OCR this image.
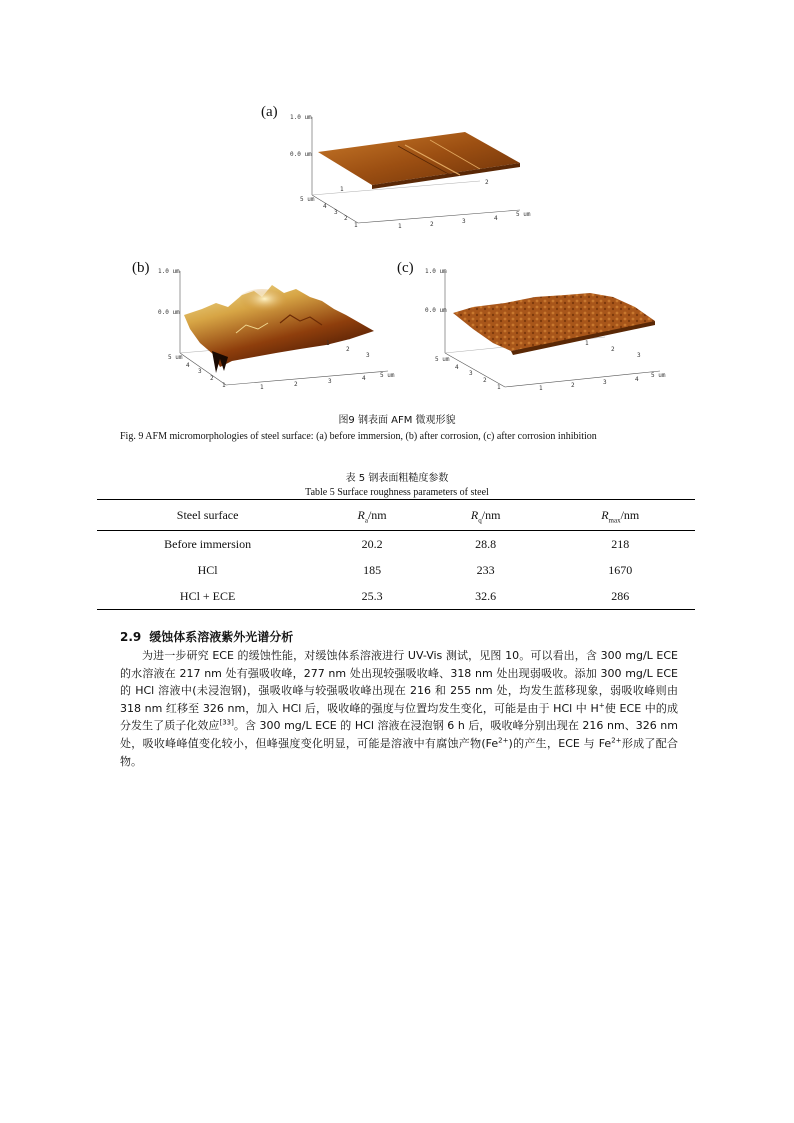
(a) 1.0 um
0.0 um
5 um
4
3
2
1	1	2	3	4
5 um
1
2
(b) 1.0 um
0.0 um
5 um
4
3
2
1	1	2	3	4 5 um
1
2
3
(c) 1.0 um
0.0 um
5 um
4
3
2
1	1	2	3	4
5 um
1
2
3
图9 钢表面 AFM 微观形貌
Fig. 9 AFM micromorphologies of steel surface: (a) before immersion, (b) after corrosion, (c) after corrosion inhibition
表 5 钢表面粗糙度参数
Table 5 Surface roughness parameters of steel
Steel surface	$R_a/nm$	$R_q/nm$	$R_{max}/nm$
Before immersion	20.2	28.8	218
HCl	185	233	1670
HCl + ECE	25.3	32.6	286
2.9 缓蚀体系溶液紫外光谱分析

为进一步研究 ECE 的缓蚀性能，对缓蚀体系溶液进行 UV-Vis 测试，见图 10。可以看出，含 300 mg/L ECE 的水溶液在 217 nm 处有强吸收峰，277 nm 处出现较强吸收峰、318 nm 处出现弱吸收。添加 300 mg/L ECE 的 HCl 溶液中(未浸泡钢)，强吸收峰与较强吸收峰出现在 216 和 255 nm 处，均发生蓝移现象，弱吸收峰则由 318 nm 红移至 326 nm，加入 HCl 后，吸收峰的强度与位置均发生变化，可能是由于 HCl 中 H+使 ECE 中的成分发生了质子化效应[33]。含 300 mg/L ECE 的 HCl 溶液在浸泡钢 6 h 后，吸收峰分别出现在 216 nm、326 nm 处，吸收峰峰值变化较小，但峰强度变化明显，可能是溶液中有腐蚀产物$(Fe^{2+})$的产生，ECE 与 $Fe^{2+}$形成了配合物。
